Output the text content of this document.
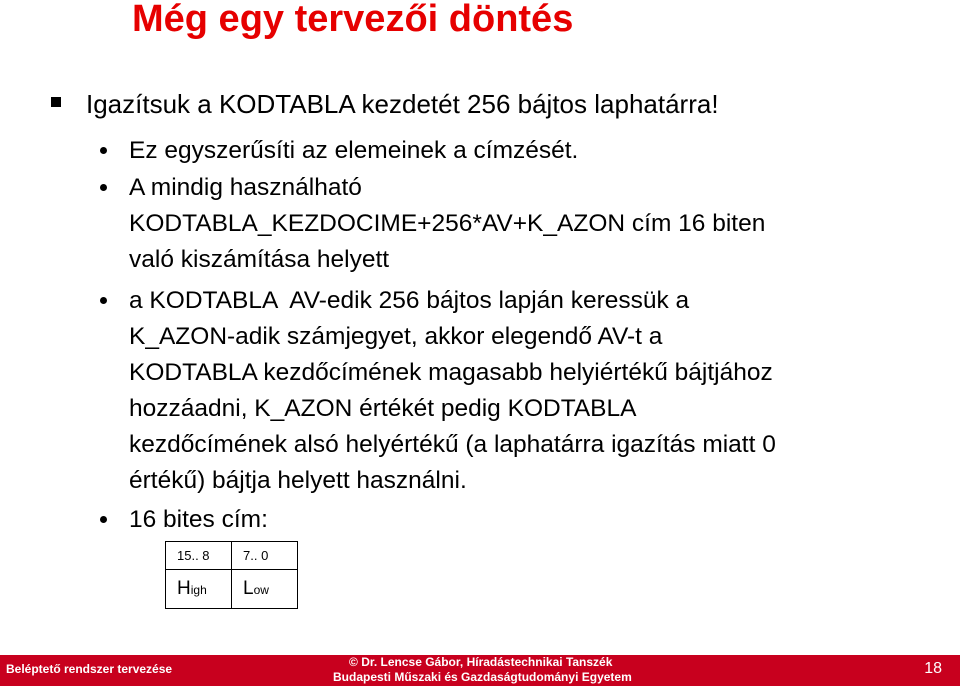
Még egy tervezői döntés
Igazítsuk a KODTABLA kezdetét 256 bájtos laphatárra!
Ez egyszerűsíti az elemeinek a címzését.
A mindig használható
KODTABLA_KEZDOCIME+256*AV+K_AZON cím 16 biten
való kiszámítása helyett
a KODTABLA  AV-edik 256 bájtos lapján keressük a
K_AZON-adik számjegyet, akkor elegendő AV-t a
KODTABLA kezdőcímének magasabb helyiértékű bájtjához
hozzáadni, K_AZON értékét pedig KODTABLA
kezdőcímének alsó helyértékű (a laphatárra igazítás miatt 0
értékű) bájtja helyett használni.
16 bites cím:
15.. 8	7.. 0
High	Low
Beléptető rendszer tervezése	© Dr. Lencse Gábor, Híradástechnikai Tanszék
Budapesti Műszaki és Gazdaságtudományi Egyetem	18
